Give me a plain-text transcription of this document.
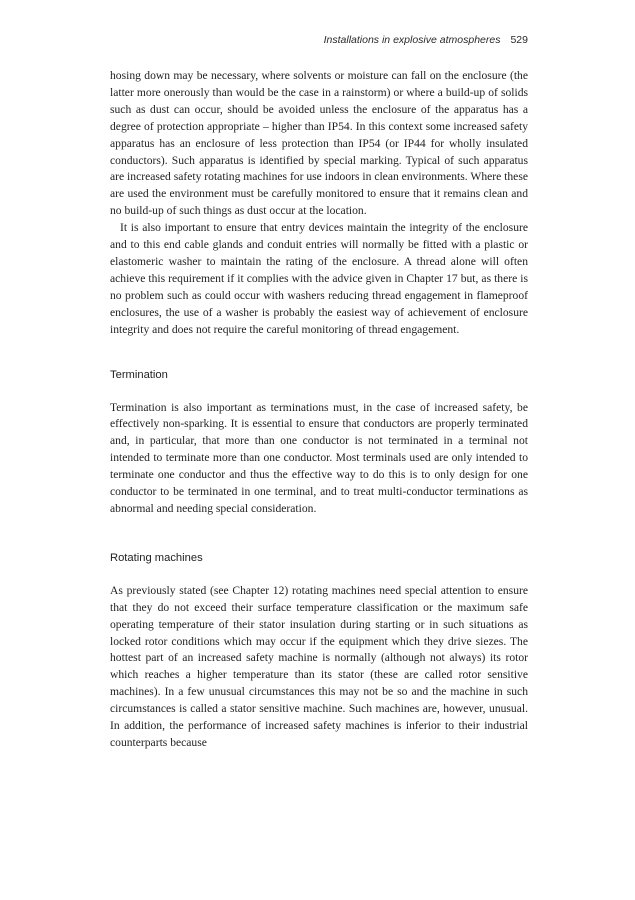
Installations in explosive atmospheres 529

hosing down may be necessary, where solvents or moisture can fall on the enclosure (the latter more onerously than would be the case in a rainstorm) or where a build-up of solids such as dust can occur, should be avoided unless the enclosure of the apparatus has a degree of protection appropriate – higher than IP54. In this context some increased safety apparatus has an enclosure of less protection than IP54 (or IP44 for wholly insulated conductors). Such apparatus is identified by special marking. Typical of such apparatus are increased safety rotating machines for use indoors in clean environments. Where these are used the environment must be carefully monitored to ensure that it remains clean and no build-up of such things as dust occur at the location.

It is also important to ensure that entry devices maintain the integrity of the enclosure and to this end cable glands and conduit entries will normally be fitted with a plastic or elastomeric washer to maintain the rating of the enclosure. A thread alone will often achieve this requirement if it complies with the advice given in Chapter 17 but, as there is no problem such as could occur with washers reducing thread engagement in flameproof enclosures, the use of a washer is probably the easiest way of achievement of enclosure integrity and does not require the careful monitoring of thread engagement.

Termination

Termination is also important as terminations must, in the case of increased safety, be effectively non-sparking. It is essential to ensure that conductors are properly terminated and, in particular, that more than one conductor is not terminated in a terminal not intended to terminate more than one conductor. Most terminals used are only intended to terminate one conductor and thus the effective way to do this is to only design for one conductor to be terminated in one terminal, and to treat multi-conductor terminations as abnormal and needing special consideration.

Rotating machines

As previously stated (see Chapter 12) rotating machines need special attention to ensure that they do not exceed their surface temperature classification or the maximum safe operating temperature of their stator insulation during starting or in such situations as locked rotor conditions which may occur if the equipment which they drive siezes. The hottest part of an increased safety machine is normally (although not always) its rotor which reaches a higher temperature than its stator (these are called rotor sensitive machines). In a few unusual circumstances this may not be so and the machine in such circumstances is called a stator sensitive machine. Such machines are, however, unusual. In addition, the performance of increased safety machines is inferior to their industrial counterparts because
